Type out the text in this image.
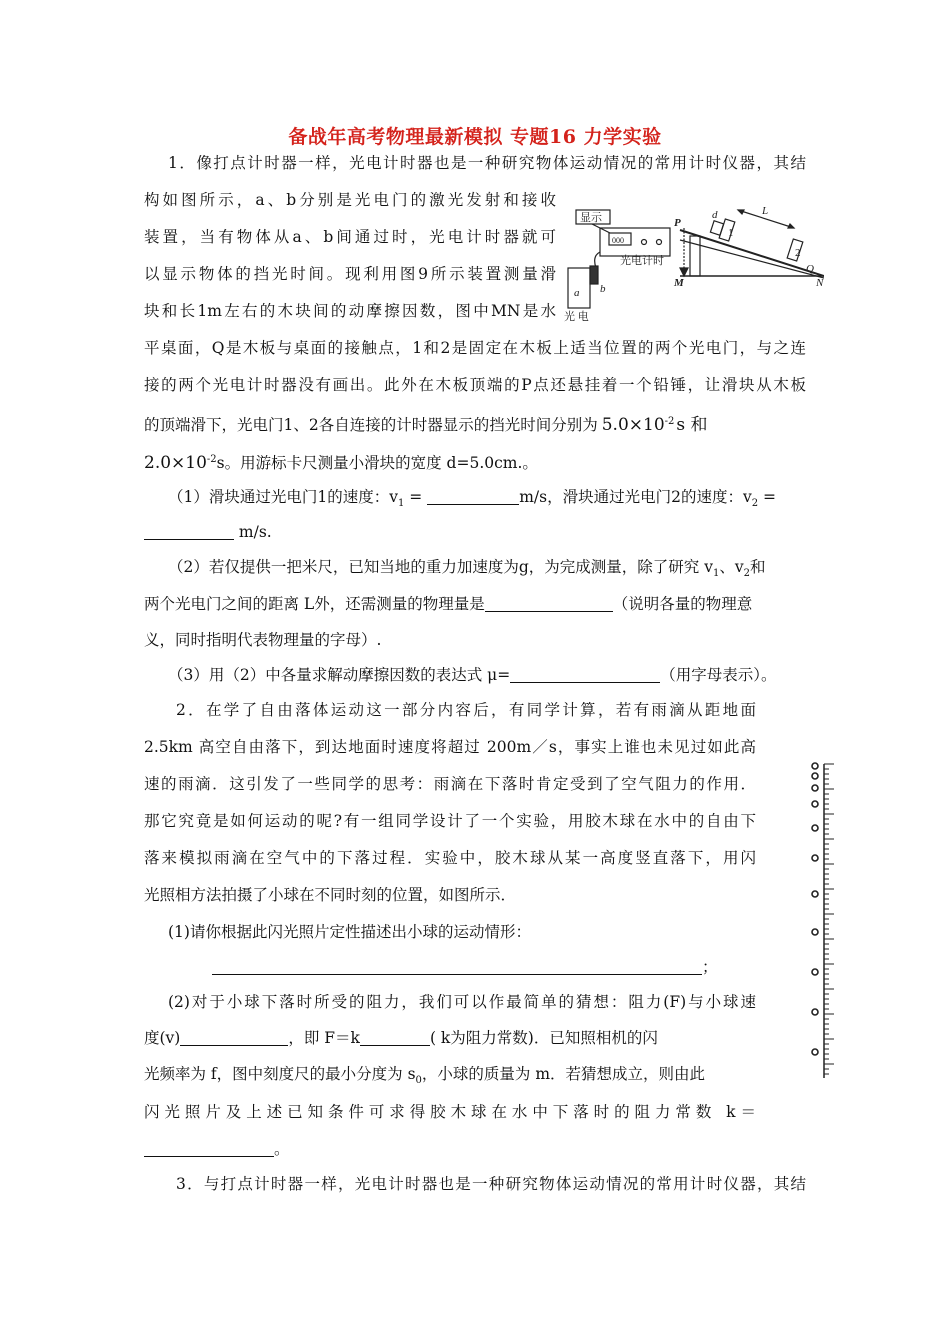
备战年高考物理最新模拟 专题16 力学实验
1．像打点计时器一样，光电计时器也是一种研究物体运动情况的常用计时仪器，其结
构如图所示，a、b分别是光电门的激光发射和接收
装置，当有物体从a、b间通过时，光电计时器就可
以显示物体的挡光时间。现利用图9所示装置测量滑
块和长1m左右的木块间的动摩擦因数，图中MN是水
显示
000
光电计时
光 电
a b
P
M	N
Q
d	L
1
2
平桌面，Q是木板与桌面的接触点，1和2是固定在木板上适当位置的两个光电门，与之连
接的两个光电计时器没有画出。此外在木板顶端的P点还悬挂着一个铅锤，让滑块从木板
的顶端滑下，光电门1、2各自连接的计时器显示的挡光时间分别为 $5.0\times 10^{-2}$ s 和
$2.0\times 10^{-2}s$。用游标卡尺测量小滑块的宽度 d=5.0cm.。
（1）滑块通过光电门1的速度：$v_1$ =	m/s，滑块通过光电门2的速度：$v_2$ =
m/s.
（2）若仅提供一把米尺，已知当地的重力加速度为g，为完成测量，除了研究 $v_1$、$v_2$和
两个光电门之间的距离 L外，还需测量的物理量是	（说明各量的物理意
义，同时指明代表物理量的字母）.
（3）用（2）中各量求解动摩擦因数的表达式 μ=	（用字母表示）。
2．在学了自由落体运动这一部分内容后，有同学计算，若有雨滴从距地面
2.5km 高空自由落下，到达地面时速度将超过 200m／s，事实上谁也未见过如此高
速的雨滴．这引发了一些同学的思考：雨滴在下落时肯定受到了空气阻力的作用．
那它究竟是如何运动的呢?有一组同学设计了一个实验，用胶木球在水中的自由下
落来模拟雨滴在空气中的下落过程．实验中，胶木球从某一高度竖直落下，用闪
光照相方法拍摄了小球在不同时刻的位置，如图所示．
(1)请你根据此闪光照片定性描述出小球的运动情形：
；
(2)对于小球下落时所受的阻力，我们可以作最简单的猜想：阻力(F)与小球速
度(v)	，即 F＝k	( k为阻力常数)．已知照相机的闪
光频率为 f，图中刻度尺的最小分度为 $s_0$，小球的质量为 m．若猜想成立，则由此
闪光照片及上述已知条件可求得胶木球在水中下落时的阻力常数 k＝
。
3．与打点计时器一样，光电计时器也是一种研究物体运动情况的常用计时仪器，其结
